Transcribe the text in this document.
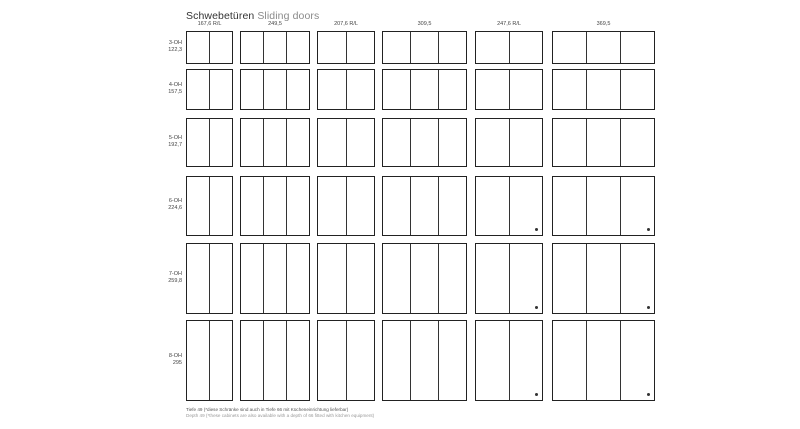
Schwebetüren Sliding doors
167,6 R/L	249,5	207,6 R/L	309,5	247,6 R/L	369,5
3-OH
122,3
4-OH
157,5
5-OH
192,7
6-OH
224,6
7-OH
259,8
8-OH
295
Tiefe 49 (*diese Schränke sind auch in Tiefe 66 mit Kücheneinrichtung lieferbar)
Depth 49 (*these cabinets are also available with a depth of 66 fitted with kitchen equipment)
